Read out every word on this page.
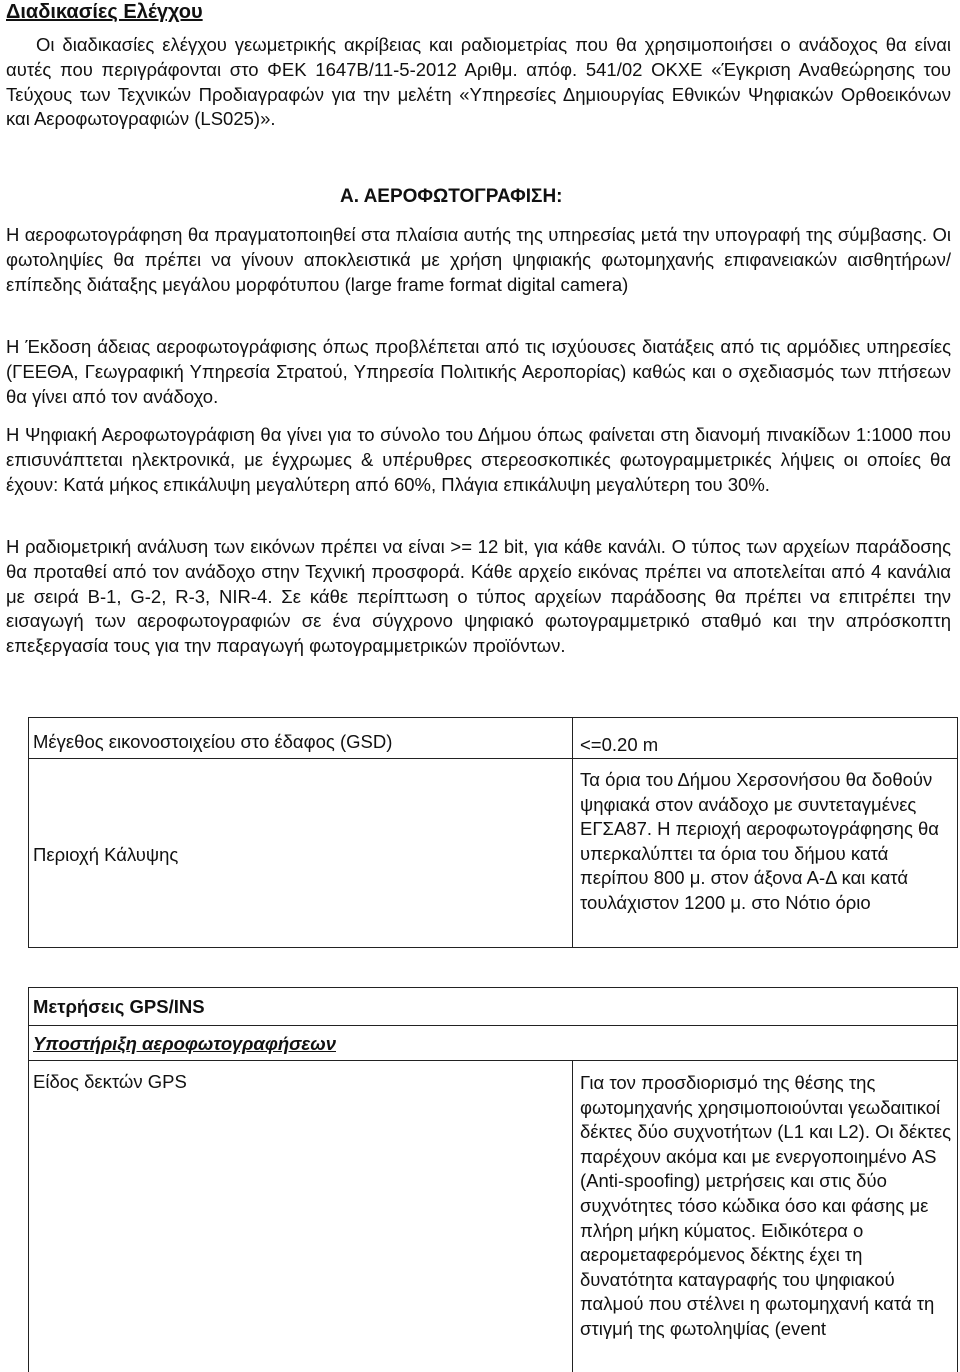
Διαδικασίες Ελέγχου

Οι διαδικασίες ελέγχου γεωμετρικής ακρίβειας και ραδιομετρίας που θα χρησιμοποιήσει ο ανάδοχος θα είναι αυτές που περιγράφονται στο ΦΕΚ 1647Β/11-5-2012 Αριθμ. απόφ. 541/02 ΟΚΧΕ «Έγκριση Αναθεώρησης του Τεύχους των Τεχνικών Προδιαγραφών για την μελέτη «Υπηρεσίες Δημιουργίας Εθνικών Ψηφιακών Ορθοεικόνων και Αεροφωτογραφιών (LS025)».

Α. ΑΕΡΟΦΩΤΟΓΡΑΦΙΣΗ:

Η αεροφωτογράφηση θα πραγματοποιηθεί στα πλαίσια αυτής της υπηρεσίας μετά την υπογραφή της σύμβασης. Οι φωτοληψίες θα πρέπει να γίνουν αποκλειστικά με χρήση ψηφιακής φωτομηχανής επιφανειακών αισθητήρων/επίπεδης διάταξης μεγάλου μορφότυπου (large frame format digital camera)

Η Έκδοση άδειας αεροφωτογράφισης όπως προβλέπεται από τις ισχύουσες διατάξεις από τις αρμόδιες υπηρεσίες (ΓΕΕΘΑ, Γεωγραφική Υπηρεσία Στρατού, Υπηρεσία Πολιτικής Αεροπορίας) καθώς και ο σχεδιασμός των πτήσεων θα γίνει από τον ανάδοχο.

Η Ψηφιακή Αεροφωτογράφιση θα γίνει για το σύνολο του Δήμου όπως φαίνεται στη διανομή πινακίδων 1:1000 που επισυνάπτεται ηλεκτρονικά, με έγχρωμες & υπέρυθρες στερεοσκοπικές φωτογραμμετρικές λήψεις οι οποίες θα έχουν: Κατά μήκος επικάλυψη μεγαλύτερη από 60%, Πλάγια επικάλυψη μεγαλύτερη του 30%.

Η ραδιομετρική ανάλυση των εικόνων πρέπει να είναι >= 12 bit, για κάθε κανάλι. Ο τύπος των αρχείων παράδοσης θα προταθεί από τον ανάδοχο στην Τεχνική προσφορά. Κάθε αρχείο εικόνας πρέπει να αποτελείται από 4 κανάλια με σειρά B-1, G-2, R-3, NIR-4. Σε κάθε περίπτωση ο τύπος αρχείων παράδοσης θα πρέπει να επιτρέπει την εισαγωγή των αεροφωτογραφιών σε ένα σύγχρονο ψηφιακό φωτογραμμετρικό σταθμό και την απρόσκοπτη επεξεργασία τους για την παραγωγή φωτογραμμετρικών προϊόντων.

Μέγεθος εικονοστοιχείου στο έδαφος (GSD)	<=0.20 m
Περιοχή Κάλυψης
Τα όρια του Δήμου Χερσονήσου θα δοθούν ψηφιακά στον ανάδοχο με συντεταγμένες ΕΓΣΑ87. Η περιοχή αεροφωτογράφησης θα υπερκαλύπτει τα όρια του δήμου κατά περίπου 800 μ. στον άξονα Α-Δ και κατά τουλάχιστον 1200 μ. στο Νότιο όριο
Μετρήσεις GPS/INS
Υποστήριξη αεροφωτογραφήσεων
Είδος δεκτών GPS	Για τον προσδιορισμό της θέσης της φωτομηχανής χρησιμοποιούνται γεωδαιτικοί δέκτες δύο συχνοτήτων (L1 και L2). Οι δέκτες παρέχουν ακόμα και με ενεργοποιημένο AS (Anti-spoofing) μετρήσεις και στις δύο συχνότητες τόσο κώδικα όσο και φάσης με πλήρη μήκη κύματος. Ειδικότερα ο αερομεταφερόμενος δέκτης έχει τη δυνατότητα καταγραφής του ψηφιακού παλμού που στέλνει η φωτομηχανή κατά τη στιγμή της φωτοληψίας (event
